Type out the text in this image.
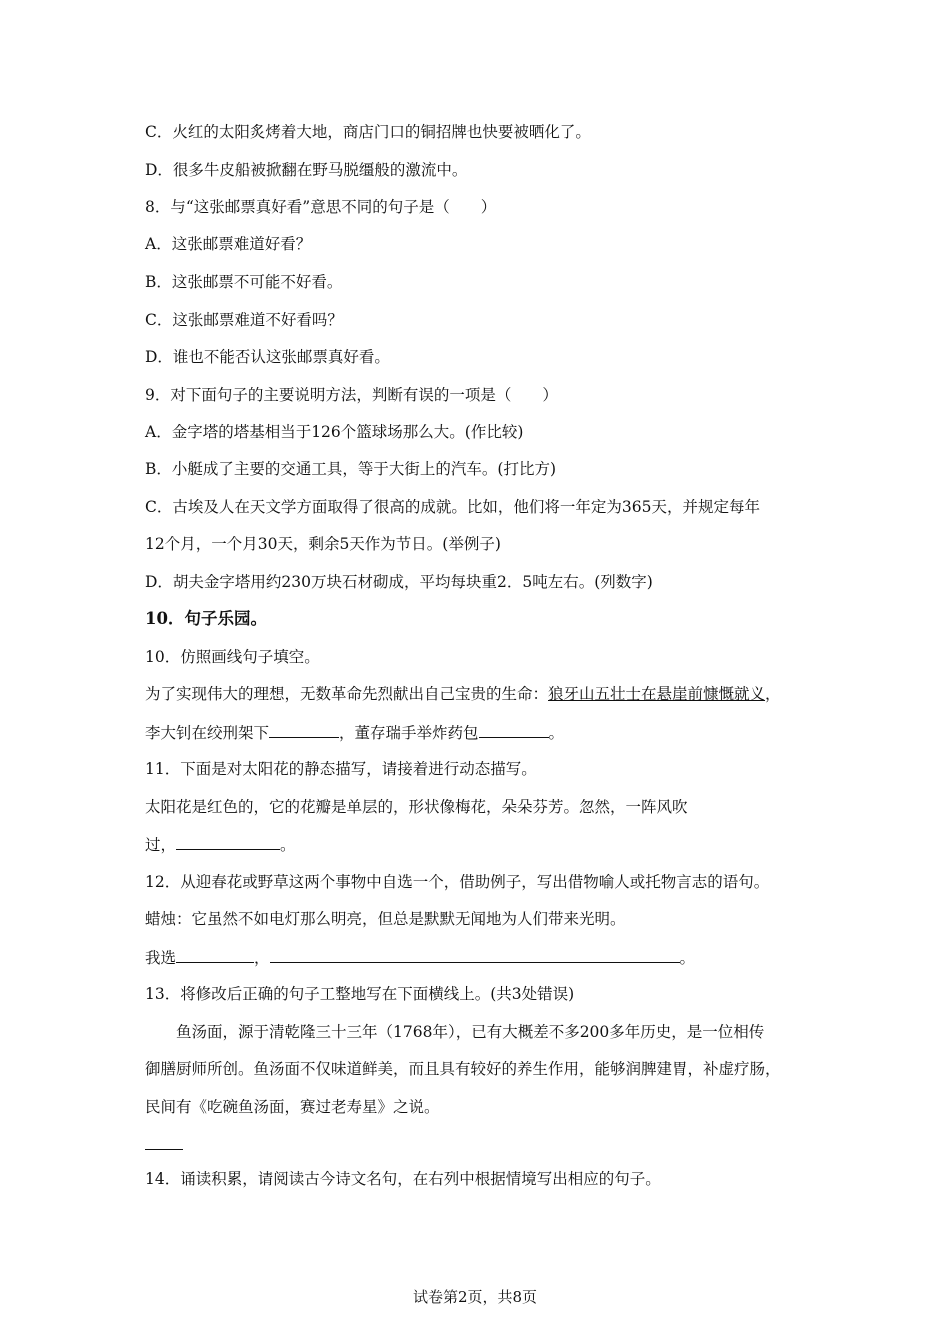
C．火红的太阳炙烤着大地，商店门口的铜招牌也快要被晒化了。
D．很多牛皮船被掀翻在野马脱缰般的激流中。
8．与“这张邮票真好看”意思不同的句子是（　　）
A．这张邮票难道好看？
B．这张邮票不可能不好看。
C．这张邮票难道不好看吗？
D．谁也不能否认这张邮票真好看。
9．对下面句子的主要说明方法，判断有误的一项是（　　）
A．金字塔的塔基相当于126个篮球场那么大。(作比较)
B．小艇成了主要的交通工具，等于大街上的汽车。(打比方)
C．古埃及人在天文学方面取得了很高的成就。比如，他们将一年定为365天，并规定每年
12个月，一个月30天，剩余5天作为节日。(举例子)
D．胡夫金字塔用约230万块石材砌成，平均每块重2．5吨左右。(列数字)
10．句子乐园。
10．仿照画线句子填空。
为了实现伟大的理想，无数革命先烈献出自己宝贵的生命：狼牙山五壮士在悬崖前慷慨就义，
李大钊在绞刑架下	，董存瑞手举炸药包	。
11．下面是对太阳花的静态描写，请接着进行动态描写。
太阳花是红色的，它的花瓣是单层的，形状像梅花，朵朵芬芳。忽然，一阵风吹
过，	。
12．从迎春花或野草这两个事物中自选一个，借助例子，写出借物喻人或托物言志的语句。
蜡烛：它虽然不如电灯那么明亮，但总是默默无闻地为人们带来光明。
我选	，	。
13．将修改后正确的句子工整地写在下面横线上。(共3处错误)
　　鱼汤面，源于清乾隆三十三年（1768年），已有大概差不多200多年历史，是一位相传
御膳厨师所创。鱼汤面不仅味道鲜美，而且具有较好的养生作用，能够润脾建胃，补虚疗肠，
民间有《吃碗鱼汤面，赛过老寿星》之说。
14．诵读积累，请阅读古今诗文名句，在右列中根据情境写出相应的句子。
试卷第2页，共8页
